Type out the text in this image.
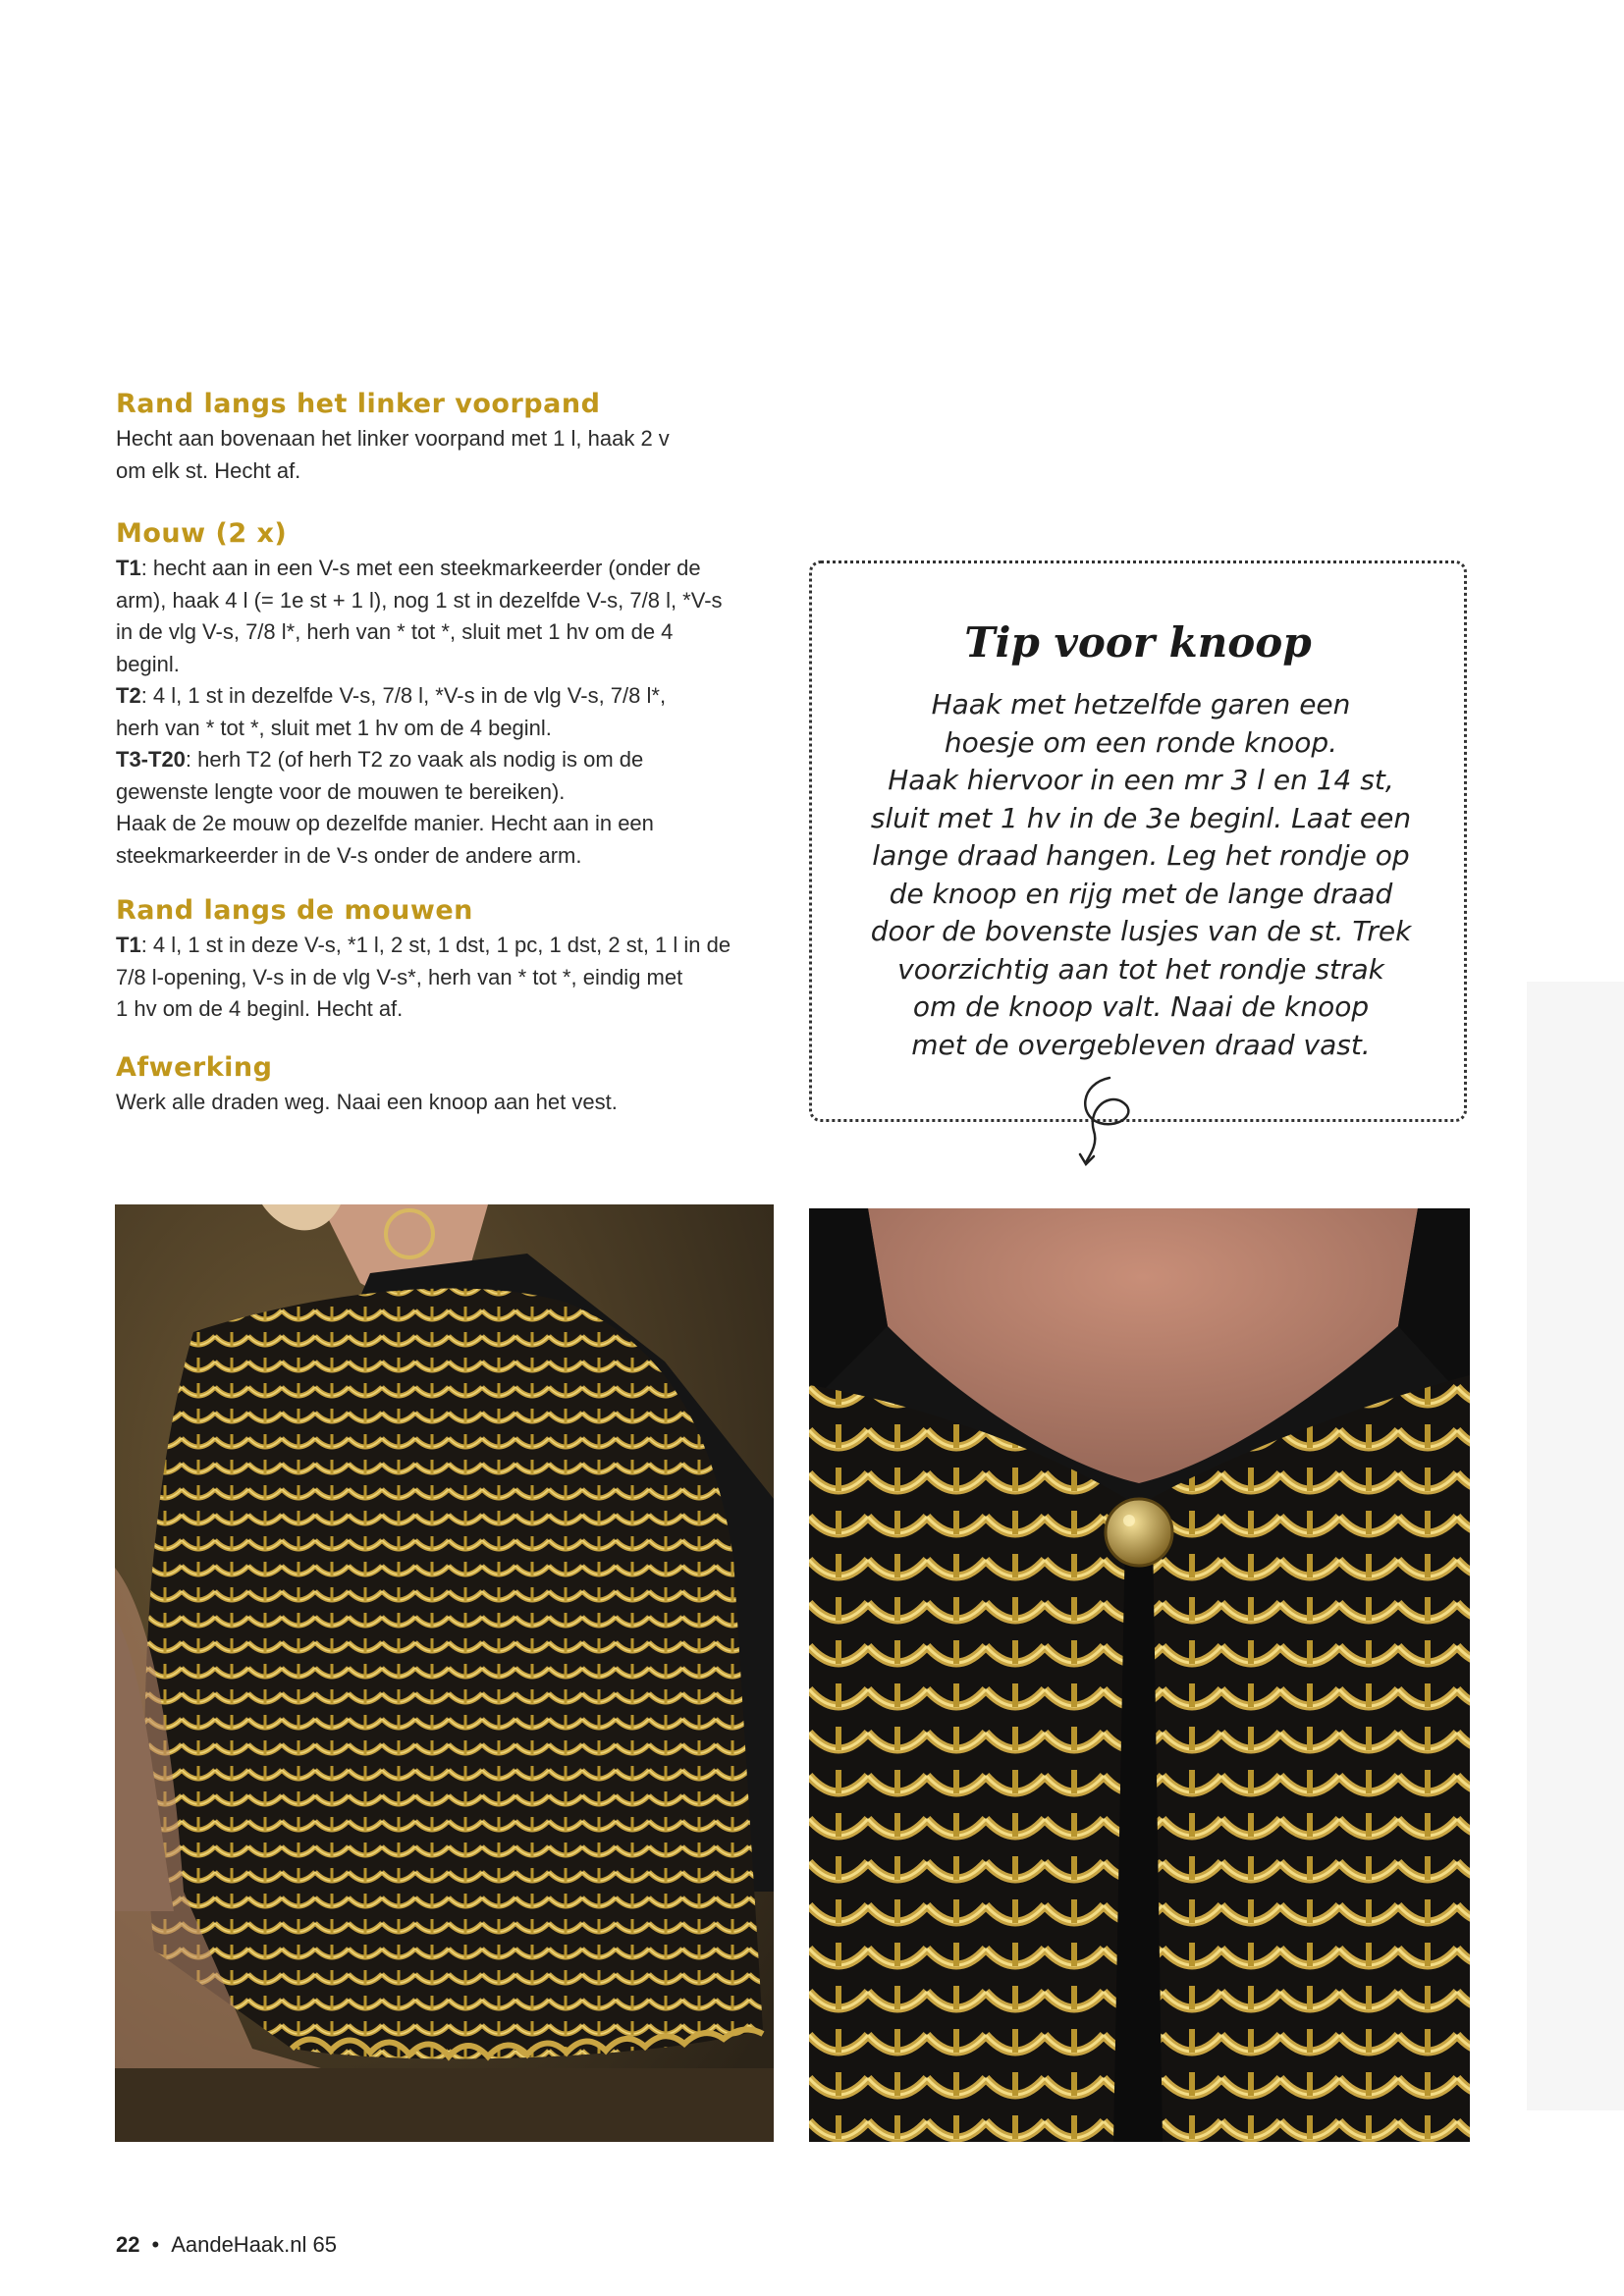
Rand langs het linker voorpand

Hecht aan bovenaan het linker voorpand met 1 l, haak 2 v
om elk st. Hecht af.

Mouw (2 x)

T1: hecht aan in een V-s met een steekmarkeerder (onder de
arm), haak 4 l (= 1e st + 1 l), nog 1 st in dezelfde V-s, 7/8 l, *V-s
in de vlg V-s, 7/8 l*, herh van * tot *, sluit met 1 hv om de 4
beginl.
T2: 4 l, 1 st in dezelfde V-s, 7/8 l, *V-s in de vlg V-s, 7/8 l*,
herh van * tot *, sluit met 1 hv om de 4 beginl.
T3-T20: herh T2 (of herh T2 zo vaak als nodig is om de
gewenste lengte voor de mouwen te bereiken).
Haak de 2e mouw op dezelfde manier. Hecht aan in een
steekmarkeerder in de V-s onder de andere arm.

Rand langs de mouwen

T1: 4 l, 1 st in deze V-s, *1 l, 2 st, 1 dst, 1 pc, 1 dst, 2 st, 1 l in de
7/8 l-opening, V-s in de vlg V-s*, herh van * tot *, eindig met
1 hv om de 4 beginl. Hecht af.

Afwerking

Werk alle draden weg. Naai een knoop aan het vest.

Tip voor knoop
Haak met hetzelfde garen een
hoesje om een ronde knoop.
Haak hiervoor in een mr 3 l en 14 st,
sluit met 1 hv in de 3e beginl. Laat een
lange draad hangen. Leg het rondje op
de knoop en rijg met de lange draad
door de bovenste lusjes van de st. Trek
voorzichtig aan tot het rondje strak
om de knoop valt. Naai de knoop
met de overgebleven draad vast.
22 • AandeHaak.nl 65
